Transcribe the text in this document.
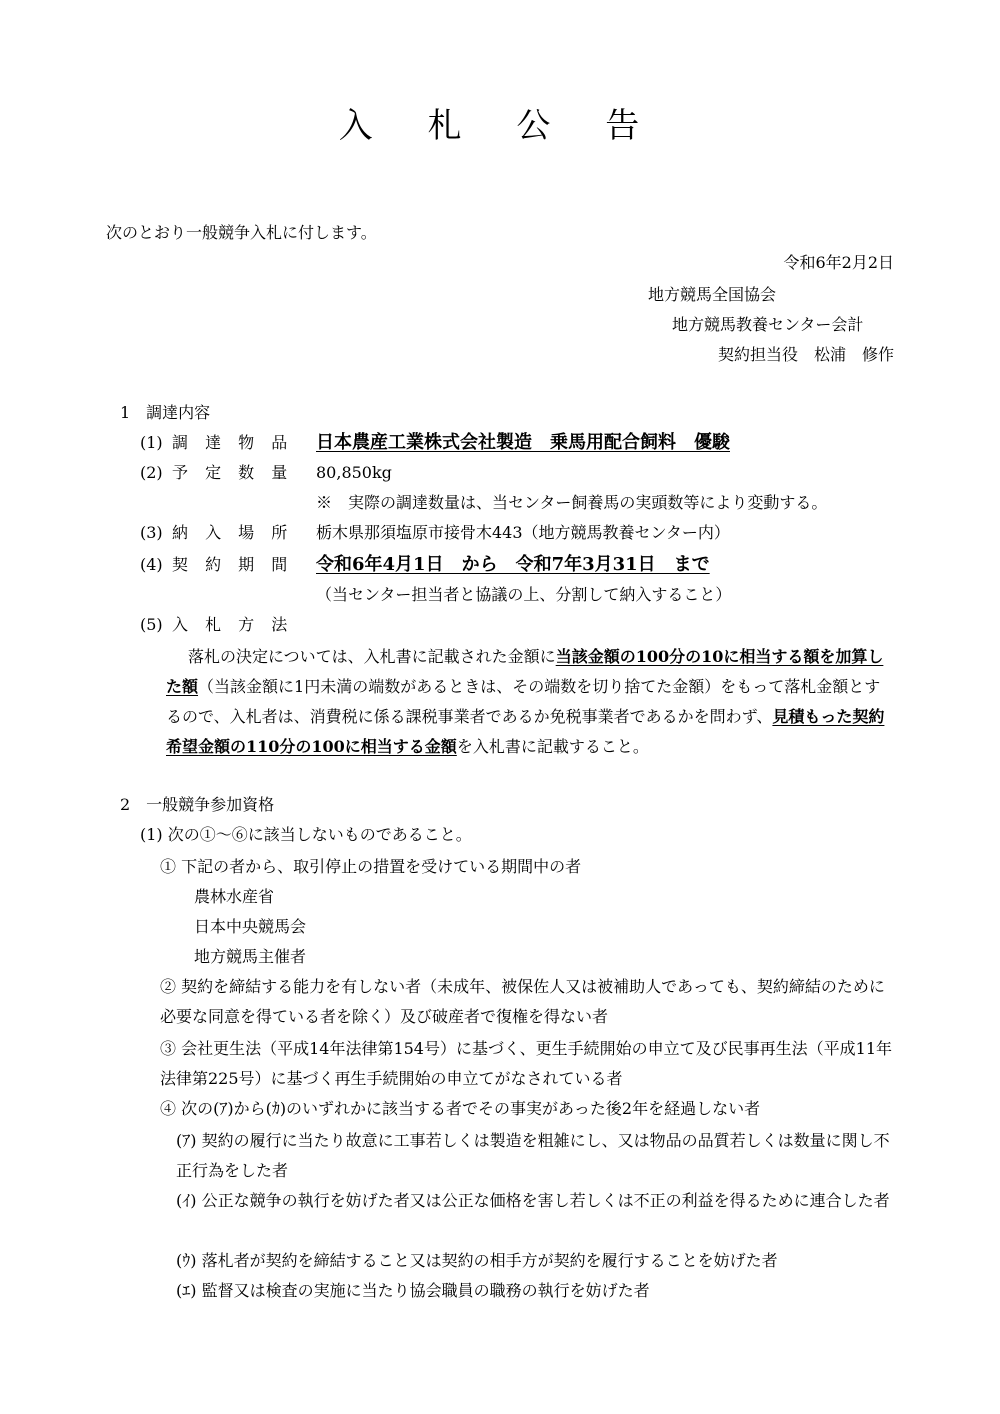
入 札 公 告
次のとおり一般競争入札に付します。
令和6年2月2日
地方競馬全国協会
地方競馬教養センター会計
契約担当役　松浦　修作
1　調達内容
(1) 調 達 物 品 日本農産工業株式会社製造　乗馬用配合飼料　優駿
(2) 予 定 数 量 80,850kg
※　実際の調達数量は、当センター飼養馬の実頭数等により変動する。
(3) 納 入 場 所 栃木県那須塩原市接骨木443（地方競馬教養センター内）
(4) 契 約 期 間 令和6年4月1日　から　令和7年3月31日　まで
（当センター担当者と協議の上、分割して納入すること）
(5) 入 札 方 法
落札の決定については、入札書に記載された金額に当該金額の100分の10に相当する額を加算した額（当該金額に1円未満の端数があるときは、その端数を切り捨てた金額）をもって落札金額とするので、入札者は、消費税に係る課税事業者であるか免税事業者であるかを問わず、見積もった契約希望金額の110分の100に相当する金額を入札書に記載すること。
2　一般競争参加資格
(1) 次の①～⑥に該当しないものであること。
① 下記の者から、取引停止の措置を受けている期間中の者
農林水産省
日本中央競馬会
地方競馬主催者
② 契約を締結する能力を有しない者（未成年、被保佐人又は被補助人であっても、契約締結のために必要な同意を得ている者を除く）及び破産者で復権を得ない者
③ 会社更生法（平成14年法律第154号）に基づく、更生手続開始の申立て及び民事再生法（平成11年法律第225号）に基づく再生手続開始の申立てがなされている者
④ 次の(ｱ)から(ｶ)のいずれかに該当する者でその事実があった後2年を経過しない者
(ｱ) 契約の履行に当たり故意に工事若しくは製造を粗雑にし、又は物品の品質若しくは数量に関し不正行為をした者
(ｲ) 公正な競争の執行を妨げた者又は公正な価格を害し若しくは不正の利益を得るために連合した者
(ｳ) 落札者が契約を締結すること又は契約の相手方が契約を履行することを妨げた者
(ｴ) 監督又は検査の実施に当たり協会職員の職務の執行を妨げた者
